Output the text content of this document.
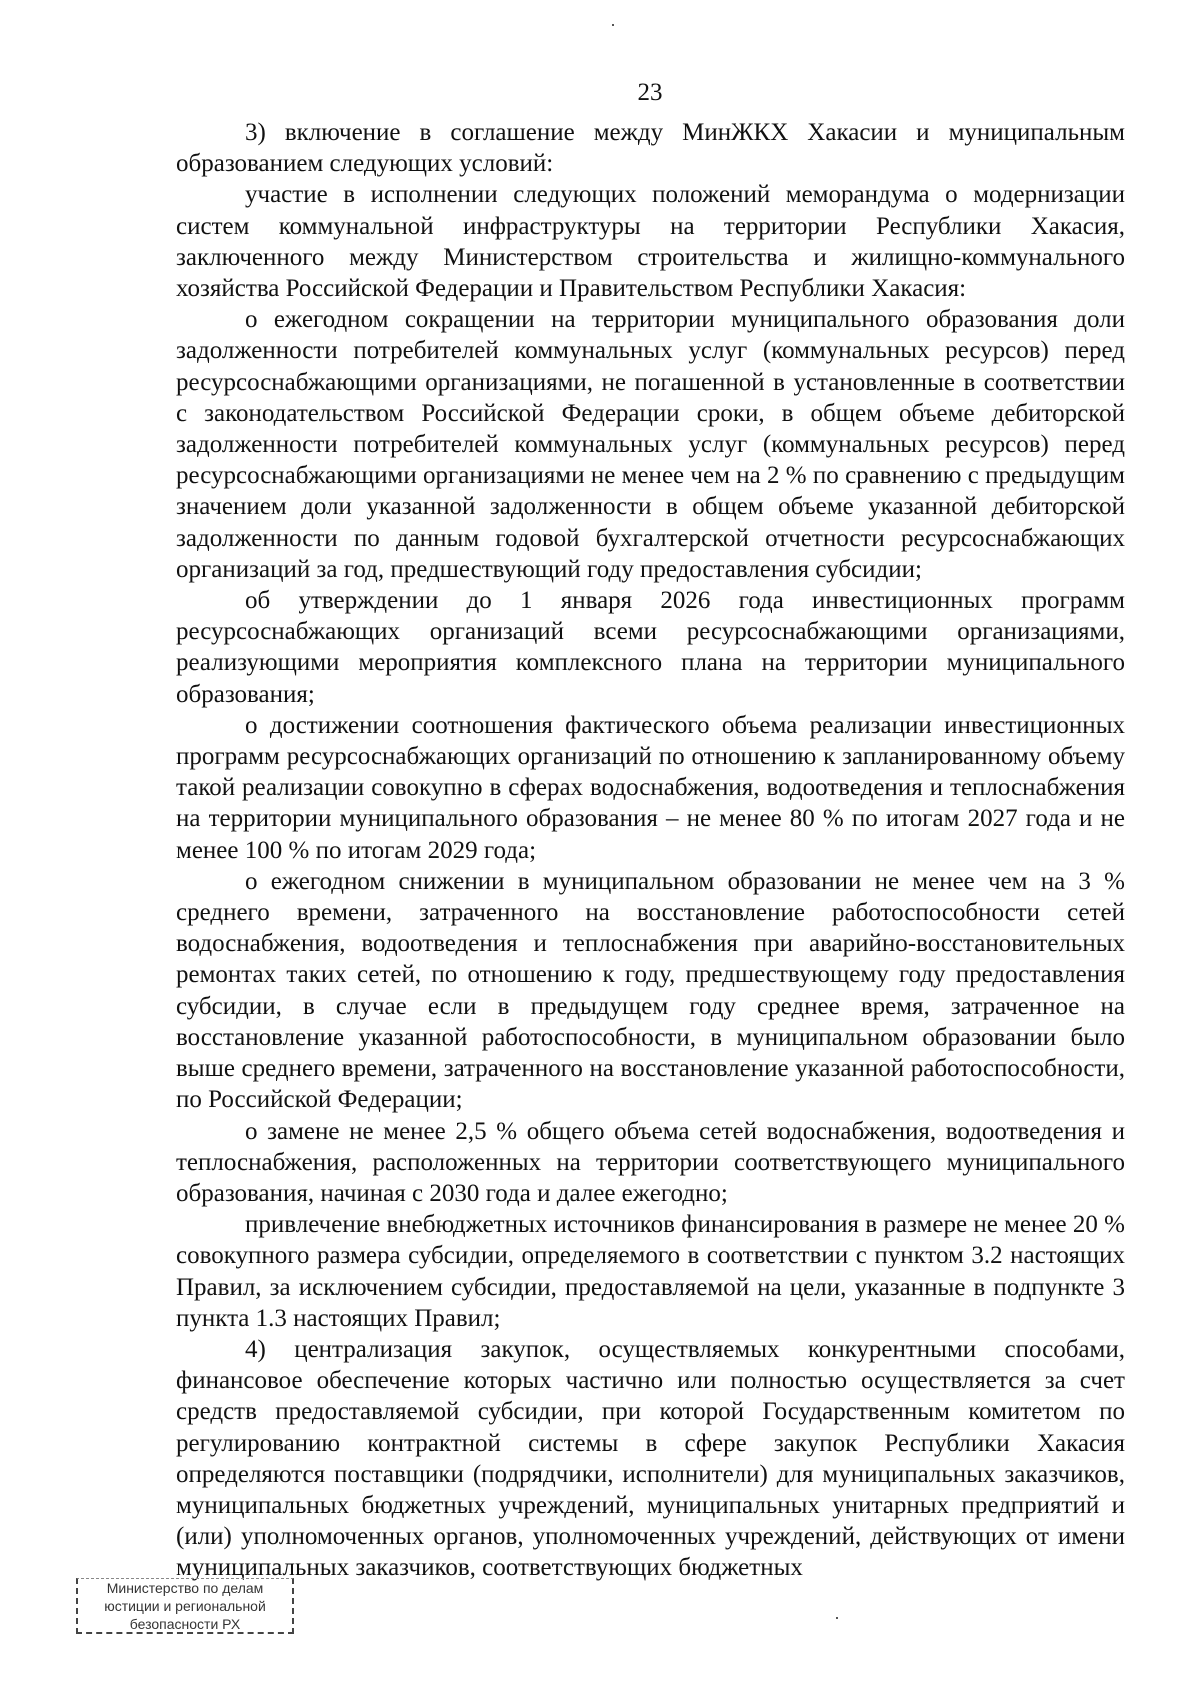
23

3) включение в соглашение между МинЖКХ Хакасии и муниципальным образованием следующих условий:

участие в исполнении следующих положений меморандума о модернизации систем коммунальной инфраструктуры на территории Республики Хакасия, заключенного между Министерством строительства и жилищно-коммунального хозяйства Российской Федерации и Правительством Республики Хакасия:

о ежегодном сокращении на территории муниципального образования доли задолженности потребителей коммунальных услуг (коммунальных ресурсов) перед ресурсоснабжающими организациями, не погашенной в установленные в соответствии с законодательством Российской Федерации сроки, в общем объеме дебиторской задолженности потребителей коммунальных услуг (коммунальных ресурсов) перед ресурсоснабжающими организациями не менее чем на 2 % по сравнению с предыдущим значением доли указанной задолженности в общем объеме указанной дебиторской задолженности по данным годовой бухгалтерской отчетности ресурсоснабжающих организаций за год, предшествующий году предоставления субсидии;

об утверждении до 1 января 2026 года инвестиционных программ ресурсоснабжающих организаций всеми ресурсоснабжающими организациями, реализующими мероприятия комплексного плана на территории муниципального образования;

о достижении соотношения фактического объема реализации инвестиционных программ ресурсоснабжающих организаций по отношению к запланированному объему такой реализации совокупно в сферах водоснабжения, водоотведения и теплоснабжения на территории муниципального образования – не менее 80 % по итогам 2027 года и не менее 100 % по итогам 2029 года;

о ежегодном снижении в муниципальном образовании не менее чем на 3 % среднего времени, затраченного на восстановление работоспособности сетей водоснабжения, водоотведения и теплоснабжения при аварийно-восстановительных ремонтах таких сетей, по отношению к году, предшествующему году предоставления субсидии, в случае если в предыдущем году среднее время, затраченное на восстановление указанной работоспособности, в муниципальном образовании было выше среднего времени, затраченного на восстановление указанной работоспособности, по Российской Федерации;

о замене не менее 2,5 % общего объема сетей водоснабжения, водоотведения и теплоснабжения, расположенных на территории соответствующего муниципального образования, начиная с 2030 года и далее ежегодно;

привлечение внебюджетных источников финансирования в размере не менее 20 % совокупного размера субсидии, определяемого в соответствии с пунктом 3.2 настоящих Правил, за исключением субсидии, предоставляемой на цели, указанные в подпункте 3 пункта 1.3 настоящих Правил;

4) централизация закупок, осуществляемых конкурентными способами, финансовое обеспечение которых частично или полностью осуществляется за счет средств предоставляемой субсидии, при которой Государственным комитетом по регулированию контрактной системы в сфере закупок Республики Хакасия определяются поставщики (подрядчики, исполнители) для муниципальных заказчиков, муниципальных бюджетных учреждений, муниципальных унитарных предприятий и (или) уполномоченных органов, уполномоченных учреждений, действующих от имени муниципальных заказчиков, соответствующих бюджетных

Министерство по делам
юстиции и региональной
безопасности РХ
